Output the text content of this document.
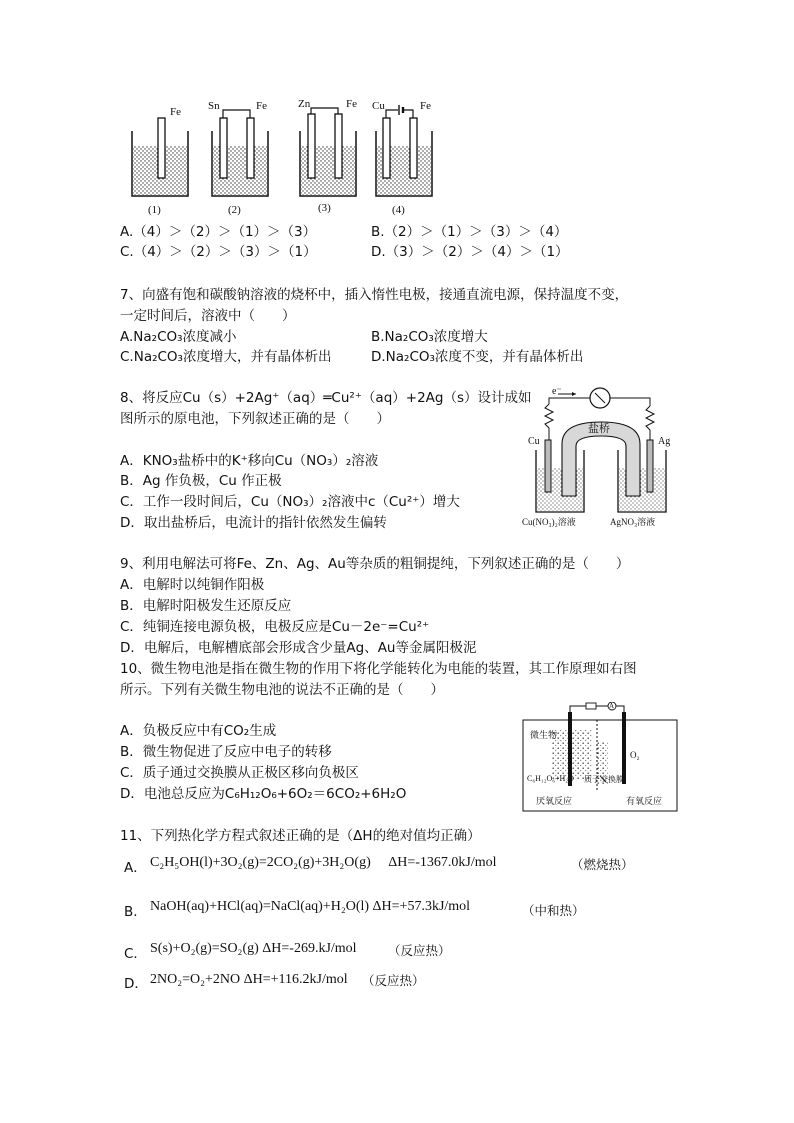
Fe Sn	Fe	Zn	Fe Cu	Fe
(1)	(2)	(3)	(4)
A.（4）＞（2）＞（1）＞（3）	B.（2）＞（1）＞（3）＞（4）
C.（4）＞（2）＞（3）＞（1）	D.（3）＞（2）＞（4）＞（1）
7、向盛有饱和碳酸钠溶液的烧杯中，插入惰性电极，接通直流电源，保持温度不变，
一定时间后，溶液中（　　）
A.Na₂CO₃浓度减小	B.Na₂CO₃浓度增大
C.Na₂CO₃浓度增大，并有晶体析出	D.Na₂CO₃浓度不变，并有晶体析出
8、将反应Cu（s）+2Ag⁺（aq）═Cu²⁺（aq）+2Ag（s）设计成如
图所示的原电池，下列叙述正确的是（　　）
A．KNO₃盐桥中的K⁺移向Cu（NO₃）₂溶液
B．Ag 作负极，Cu 作正极
C．工作一段时间后，Cu（NO₃）₂溶液中c（Cu²⁺）增大
D．取出盐桥后，电流计的指针依然发生偏转
e⁻
Cu	Ag
盐桥
Cu(NO₃)₂溶液	AgNO₃溶液
9、利用电解法可将Fe、Zn、Ag、Au等杂质的粗铜提纯，下列叙述正确的是（　　）
A．电解时以纯铜作阳极
B．电解时阳极发生还原反应
C．纯铜连接电源负极，电极反应是Cu－2e⁻=Cu²⁺
D．电解后，电解槽底部会形成含少量Ag、Au等金属阳极泥
10、微生物电池是指在微生物的作用下将化学能转化为电能的装置，其工作原理如右图
所示。下列有关微生物电池的说法不正确的是（　　）
A．负极反应中有CO₂生成
B．微生物促进了反应中电子的转移
C．质子通过交换膜从正极区移向负极区
D．电池总反应为C₆H₁₂O₆+6O₂＝6CO₂+6H₂O
A
微生物
O₂
C₆H₁₂O₆+H₂O 质子交换膜
厌氧反应	有氧反应
11、下列热化学方程式叙述正确的是（ΔH的绝对值均正确）
A． C₂H₅OH(l)+3O₂(g)=2CO₂(g)+3H₂O(g)　 ΔH=-1367.0kJ/mol	（燃烧热）
B． NaOH(aq)+HCl(aq)=NaCl(aq)+H₂O(l) ΔH=+57.3kJ/mol	（中和热）
C． S(s)+O₂(g)=SO₂(g) ΔH=-269.kJ/mol	（反应热）
D． 2NO₂=O₂+2NO ΔH=+116.2kJ/mol （反应热）
